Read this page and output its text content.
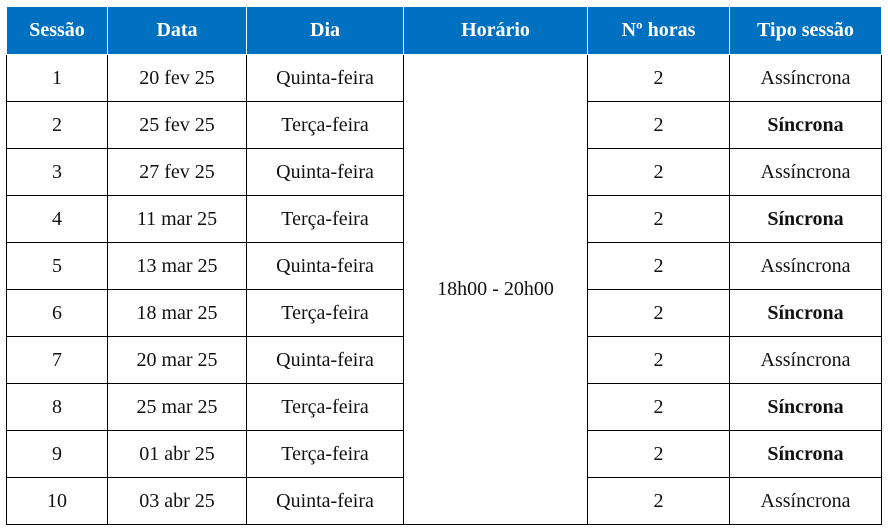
Sessão	Data	Dia	Horário	Nº horas	Tipo sessão
1	20 fev 25	Quinta-feira	18h00 - 20h00	2	Assíncrona
2	25 fev 25	Terça-feira		2	Síncrona
3	27 fev 25	Quinta-feira		2	Assíncrona
4	11 mar 25	Terça-feira		2	Síncrona
5	13 mar 25	Quinta-feira		2	Assíncrona
6	18 mar 25	Terça-feira		2	Síncrona
7	20 mar 25	Quinta-feira		2	Assíncrona
8	25 mar 25	Terça-feira		2	Síncrona
9	01 abr 25	Terça-feira		2	Síncrona
10	03 abr 25	Quinta-feira		2	Assíncrona
